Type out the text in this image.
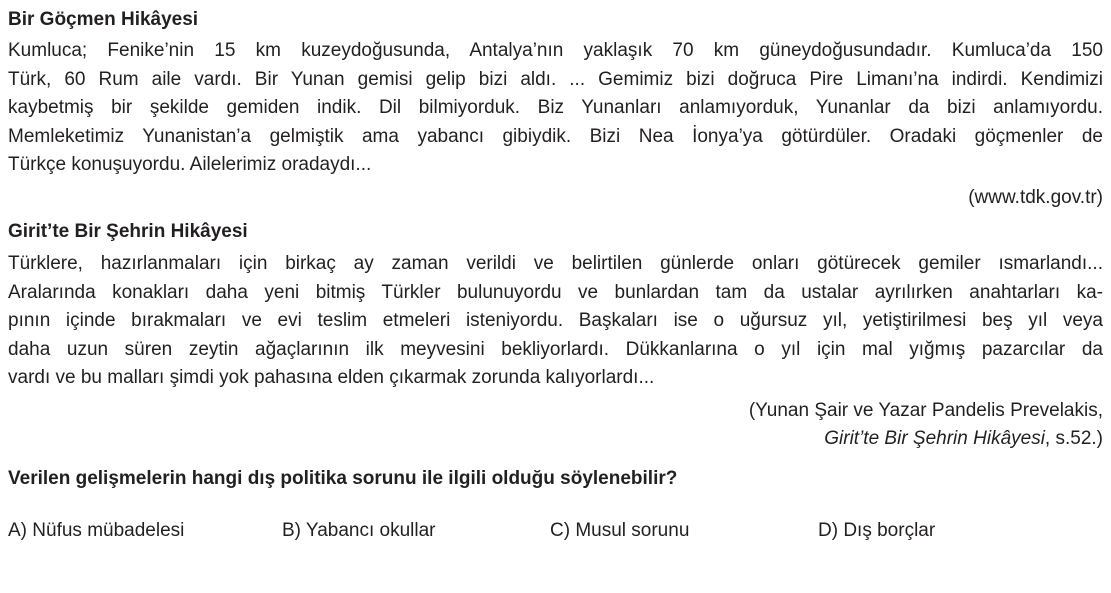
Bir Göçmen Hikâyesi
Kumluca; Fenike’nin 15 km kuzeydoğusunda, Antalya’nın yaklaşık 70 km güneydoğusundadır. Kumluca’da 150
Türk, 60 Rum aile vardı. Bir Yunan gemisi gelip bizi aldı. ... Gemimiz bizi doğruca Pire Limanı’na indirdi. Kendimizi
kaybetmiş bir şekilde gemiden indik. Dil bilmiyorduk. Biz Yunanları anlamıyorduk, Yunanlar da bizi anlamıyordu.
Memleketimiz Yunanistan’a gelmiştik ama yabancı gibiydik. Bizi Nea İonya’ya götürdüler. Oradaki göçmenler de
Türkçe konuşuyordu. Ailelerimiz oradaydı...
(www.tdk.gov.tr)
Girit’te Bir Şehrin Hikâyesi
Türklere, hazırlanmaları için birkaç ay zaman verildi ve belirtilen günlerde onları götürecek gemiler ısmarlandı...
Aralarında konakları daha yeni bitmiş Türkler bulunuyordu ve bunlardan tam da ustalar ayrılırken anahtarları ka-
pının içinde bırakmaları ve evi teslim etmeleri isteniyordu. Başkaları ise o uğursuz yıl, yetiştirilmesi beş yıl veya
daha uzun süren zeytin ağaçlarının ilk meyvesini bekliyorlardı. Dükkanlarına o yıl için mal yığmış pazarcılar da
vardı ve bu malları şimdi yok pahasına elden çıkarmak zorunda kalıyorlardı...
(Yunan Şair ve Yazar Pandelis Prevelakis,
Girit’te Bir Şehrin Hikâyesi, s.52.)
Verilen gelişmelerin hangi dış politika sorunu ile ilgili olduğu söylenebilir?
A) Nüfus mübadelesi	B) Yabancı okullar	C) Musul sorunu	D) Dış borçlar
